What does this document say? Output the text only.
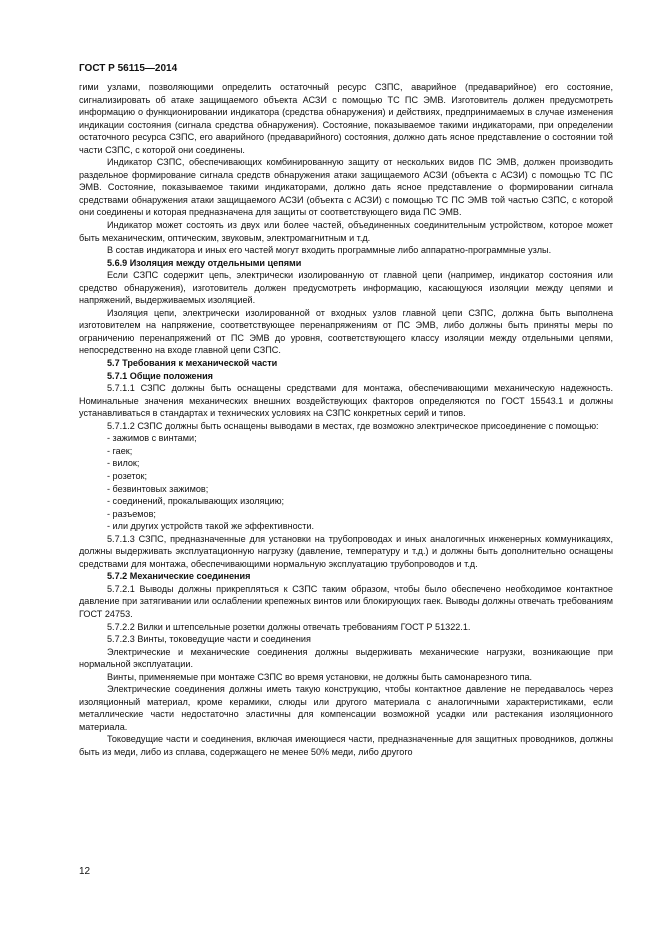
ГОСТ Р 56115—2014

гими узлами, позволяющими определить остаточный ресурс СЗПС, аварийное (предаварийное) его состояние, сигнализировать об атаке защищаемого объекта АСЗИ с помощью ТС ПС ЭМВ. Изготовитель должен предусмотреть информацию о функционировании индикатора (средства обнаружения) и действиях, предпринимаемых в случае изменения индикации состояния (сигнала средства обнаружения). Состояние, показываемое такими индикаторами, при определении остаточного ресурса СЗПС, его аварийного (предаварийного) состояния, должно дать ясное представление о состоянии той части СЗПС, с которой они соединены.

Индикатор СЗПС, обеспечивающих комбинированную защиту от нескольких видов ПС ЭМВ, должен производить раздельное формирование сигнала средств обнаружения атаки защищаемого АСЗИ (объекта с АСЗИ) с помощью ТС ПС ЭМВ. Состояние, показываемое такими индикаторами, должно дать ясное представление о формировании сигнала средствами обнаружения атаки защищаемого АСЗИ (объекта с АСЗИ) с помощью ТС ПС ЭМВ той частью СЗПС, с которой они соединены и которая предназначена для защиты от соответствующего вида ПС ЭМВ.

Индикатор может состоять из двух или более частей, объединенных соединительным устройством, которое может быть механическим, оптическим, звуковым, электромагнитным и т.д.

В состав индикатора и иных его частей могут входить программные либо аппаратно-программные узлы.

5.6.9 Изоляция между отдельными цепями

Если СЗПС содержит цепь, электрически изолированную от главной цепи (например, индикатор состояния или средство обнаружения), изготовитель должен предусмотреть информацию, касающуюся изоляции между цепями и напряжений, выдерживаемых изоляцией.

Изоляция цепи, электрически изолированной от входных узлов главной цепи СЗПС, должна быть выполнена изготовителем на напряжение, соответствующее перенапряжениям от ПС ЭМВ, либо должны быть приняты меры по ограничению перенапряжений от ПС ЭМВ до уровня, соответствующего классу изоляции между отдельными цепями, непосредственно на входе главной цепи СЗПС.

5.7 Требования к механической части

5.7.1 Общие положения

5.7.1.1 СЗПС должны быть оснащены средствами для монтажа, обеспечивающими механическую надежность. Номинальные значения механических внешних воздействующих факторов определяются по ГОСТ 15543.1 и должны устанавливаться в стандартах и технических условиях на СЗПС конкретных серий и типов.

5.7.1.2 СЗПС должны быть оснащены выводами в местах, где возможно электрическое присоединение с помощью:

- зажимов с винтами;

- гаек;

- вилок;

- розеток;

- безвинтовых зажимов;

- соединений, прокалывающих изоляцию;

- разъемов;

- или других устройств такой же эффективности.

5.7.1.3 СЗПС, предназначенные для установки на трубопроводах и иных аналогичных инженерных коммуникациях, должны выдерживать эксплуатационную нагрузку (давление, температуру и т.д.) и должны быть дополнительно оснащены средствами для монтажа, обеспечивающими нормальную эксплуатацию трубопроводов и т.д.

5.7.2 Механические соединения

5.7.2.1 Выводы должны прикрепляться к СЗПС таким образом, чтобы было обеспечено необходимое контактное давление при затягивании или ослаблении крепежных винтов или блокирующих гаек. Выводы должны отвечать требованиям ГОСТ 24753.

5.7.2.2 Вилки и штепсельные розетки должны отвечать требованиям ГОСТ Р 51322.1.

5.7.2.3 Винты, токоведущие части и соединения

Электрические и механические соединения должны выдерживать механические нагрузки, возникающие при нормальной эксплуатации.

Винты, применяемые при монтаже СЗПС во время установки, не должны быть самонарезного типа.

Электрические соединения должны иметь такую конструкцию, чтобы контактное давление не передавалось через изоляционный материал, кроме керамики, слюды или другого материала с аналогичными характеристиками, если металлические части недостаточно эластичны для компенсации возможной усадки или растекания изоляционного материала.

Токоведущие части и соединения, включая имеющиеся части, предназначенные для защитных проводников, должны быть из меди, либо из сплава, содержащего не менее 50% меди, либо другого

12
